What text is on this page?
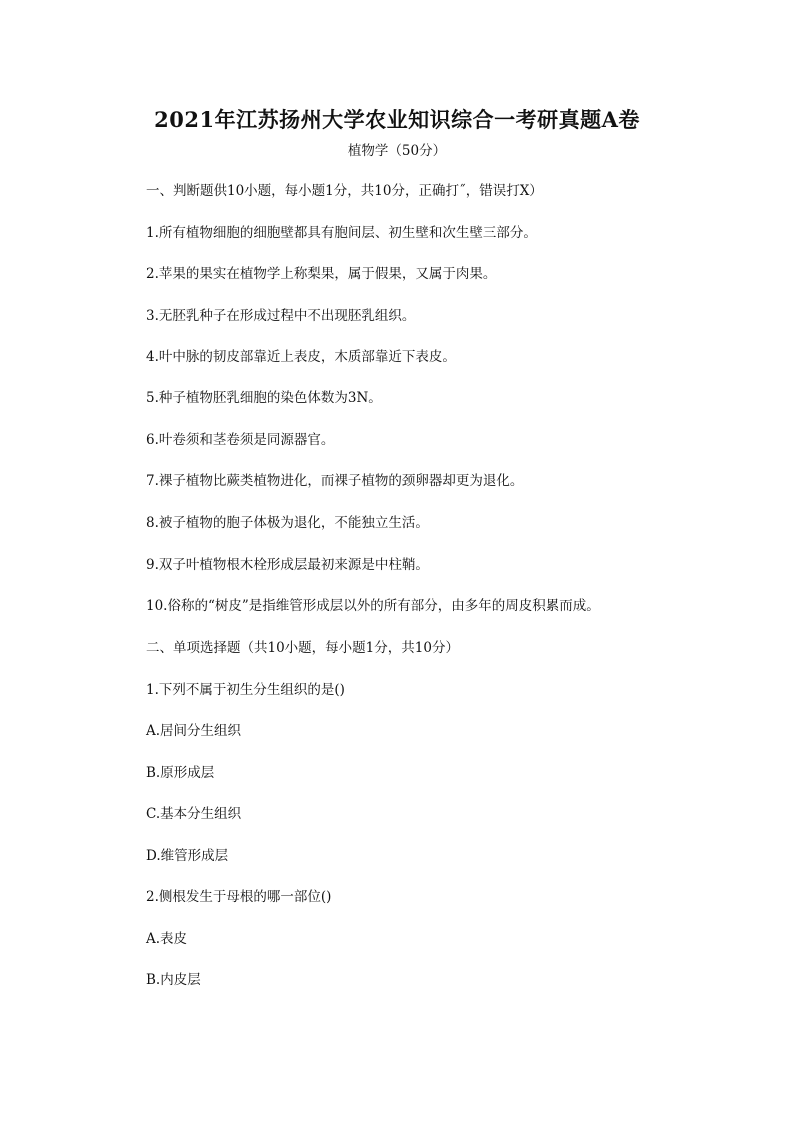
2021年江苏扬州大学农业知识综合一考研真题A卷
植物学（50分）
一、判断题供10小题，每小题1分，共10分，正确打˝，错误打X）
1.所有植物细胞的细胞壁都具有胞间层、初生壁和次生壁三部分。
2.苹果的果实在植物学上称梨果，属于假果，又属于肉果。
3.无胚乳种子在形成过程中不出现胚乳组织。
4.叶中脉的韧皮部靠近上表皮，木质部靠近下表皮。
5.种子植物胚乳细胞的染色体数为3N。
6.叶卷须和茎卷须是同源器官。
7.裸子植物比蕨类植物进化，而裸子植物的颈卵器却更为退化。
8.被子植物的胞子体极为退化，不能独立生活。
9.双子叶植物根木栓形成层最初来源是中柱鞘。
10.俗称的“树皮”是指维管形成层以外的所有部分，由多年的周皮积累而成。
二、单项选择题（共10小题，每小题1分，共10分）
1.下列不属于初生分生组织的是()
A.居间分生组织
B.原形成层
C.基本分生组织
D.维管形成层
2.侧根发生于母根的哪一部位()
A.表皮
B.内皮层
